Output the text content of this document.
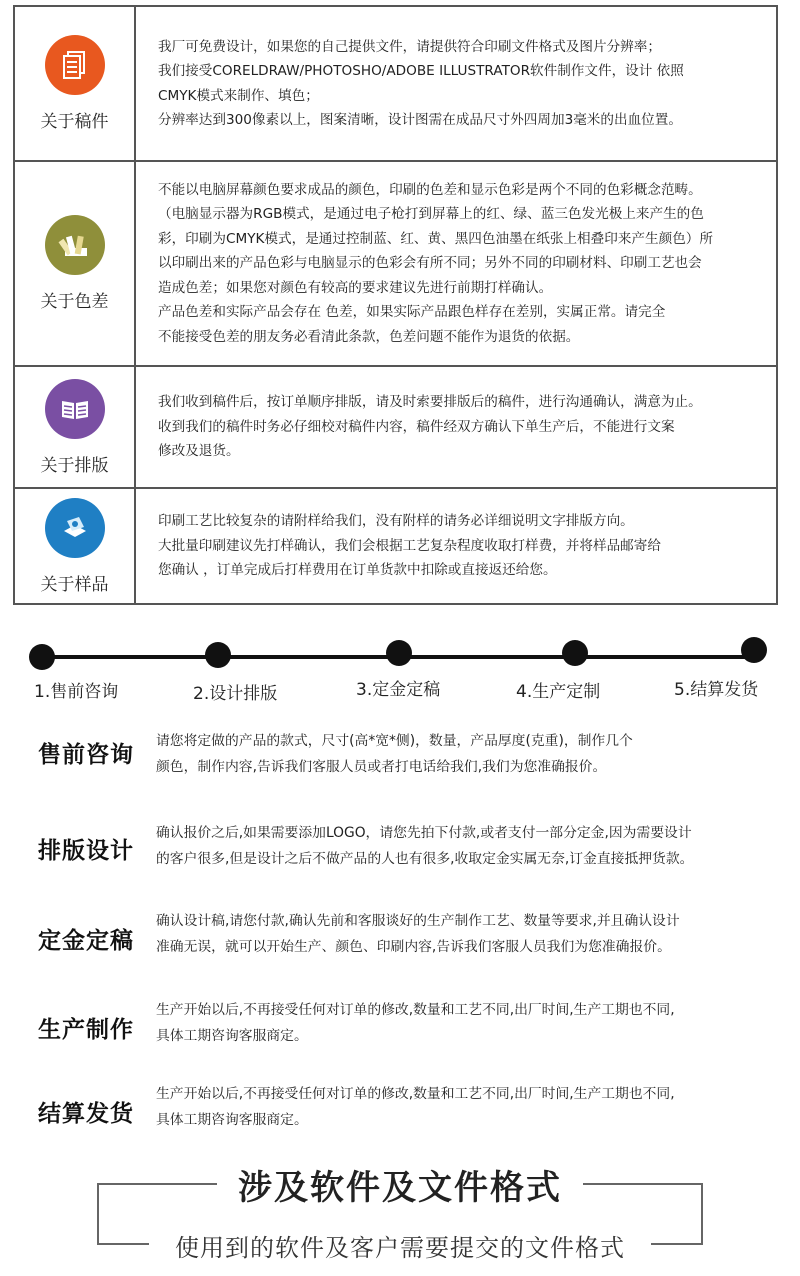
关于稿件

我厂可免费设计，如果您的自己提供文件，请提供符合印刷文件格式及图片分辨率；

我们接受CORELDRAW/PHOTOSHO/ADOBE ILLUSTRATOR软件制作文件，设计 依照

CMYK模式来制作、填色；

分辨率达到300像素以上，图案清晰，设计图需在成品尺寸外四周加3毫米的出血位置。

关于色差

不能以电脑屏幕颜色要求成品的颜色，印刷的色差和显示色彩是两个不同的色彩概念范畴。

（电脑显示器为RGB模式，是通过电子枪打到屏幕上的红、绿、蓝三色发光极上来产生的色

彩，印刷为CMYK模式，是通过控制蓝、红、黄、黑四色油墨在纸张上相叠印来产生颜色）所

以印刷出来的产品色彩与电脑显示的色彩会有所不同；另外不同的印刷材料、印刷工艺也会

造成色差；如果您对颜色有较高的要求建议先进行前期打样确认。

产品色差和实际产品会存在 色差，如果实际产品跟色样存在差别，实属正常。请完全

不能接受色差的朋友务必看清此条款，色差问题不能作为退货的依据。

关于排版

我们收到稿件后，按订单顺序排版，请及时索要排版后的稿件，进行沟通确认，满意为止。

收到我们的稿件时务必仔细校对稿件内容，稿件经双方确认下单生产后，不能进行文案

修改及退货。

关于样品

印刷工艺比较复杂的请附样给我们，没有附样的请务必详细说明文字排版方向。

大批量印刷建议先打样确认，我们会根据工艺复杂程度收取打样费，并将样品邮寄给

您确认 ，订单完成后打样费用在订单货款中扣除或直接返还给您。

1.售前咨询	2.设计排版	3.定金定稿	4.生产定制	5.结算发货
售前咨询

请您将定做的产品的款式，尺寸(高*宽*侧)，数量，产品厚度(克重)，制作几个

颜色，制作内容,告诉我们客服人员或者打电话给我们,我们为您准确报价。

排版设计

确认报价之后,如果需要添加LOGO，请您先拍下付款,或者支付一部分定金,因为需要设计

的客户很多,但是设计之后不做产品的人也有很多,收取定金实属无奈,订金直接抵押货款。

定金定稿

确认设计稿,请您付款,确认先前和客服谈好的生产制作工艺、数量等要求,并且确认设计

准确无误，就可以开始生产、颜色、印刷内容,告诉我们客服人员我们为您准确报价。

生产制作

生产开始以后,不再接受任何对订单的修改,数量和工艺不同,出厂时间,生产工期也不同,

具体工期咨询客服商定。

结算发货

生产开始以后,不再接受任何对订单的修改,数量和工艺不同,出厂时间,生产工期也不同,

具体工期咨询客服商定。

涉及软件及文件格式
使用到的软件及客户需要提交的文件格式
